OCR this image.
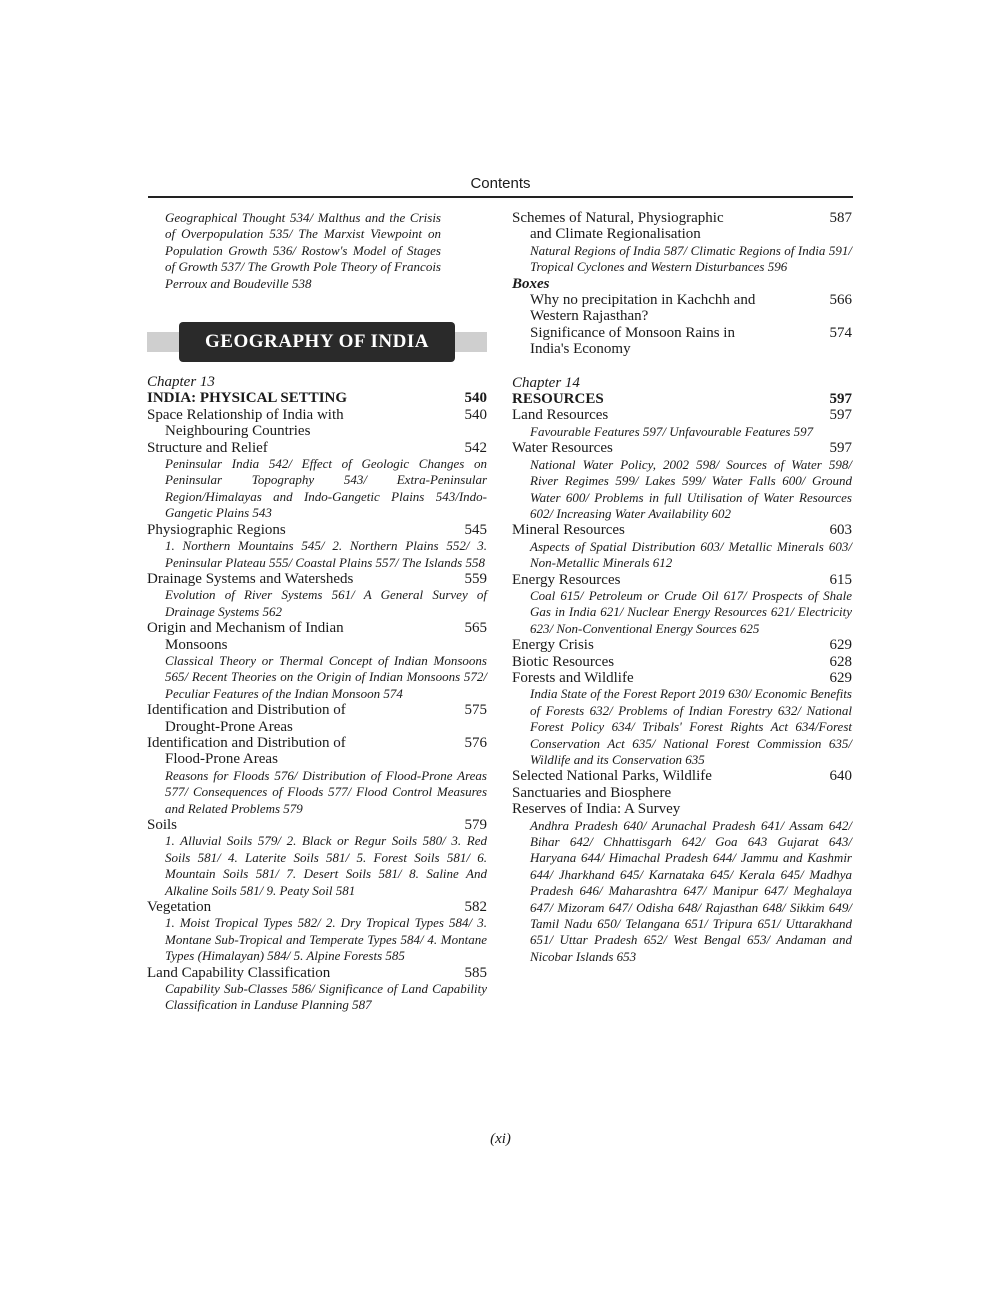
Contents
Geographical Thought 534/ Malthus and the Crisis of Overpopulation 535/ The Marxist Viewpoint on Population Growth 536/ Rostow's Model of Stages of Growth 537/ The Growth Pole Theory of Francois Perroux and Boudeville 538
GEOGRAPHY OF INDIA
Chapter 13
INDIA: PHYSICAL SETTING	540
Space Relationship of India with	540
Neighbouring Countries
Structure and Relief	542
Peninsular India 542/ Effect of Geologic Changes on Peninsular Topography 543/ Extra-Peninsular Region/Himalayas and Indo-Gangetic Plains 543/Indo-Gangetic Plains 543
Physiographic Regions	545
1. Northern Mountains 545/ 2. Northern Plains 552/ 3. Peninsular Plateau 555/ Coastal Plains 557/ The Islands 558
Drainage Systems and Watersheds	559
Evolution of River Systems 561/ A General Survey of Drainage Systems 562
Origin and Mechanism of Indian	565
Monsoons
Classical Theory or Thermal Concept of Indian Monsoons 565/ Recent Theories on the Origin of Indian Monsoons 572/ Peculiar Features of the Indian Monsoon 574
Identification and Distribution of	575
Drought-Prone Areas
Identification and Distribution of	576
Flood-Prone Areas
Reasons for Floods 576/ Distribution of Flood-Prone Areas 577/ Consequences of Floods 577/ Flood Control Measures and Related Problems 579
Soils	579
1. Alluvial Soils 579/ 2. Black or Regur Soils 580/ 3. Red Soils 581/ 4. Laterite Soils 581/ 5. Forest Soils 581/ 6. Mountain Soils 581/ 7. Desert Soils 581/ 8. Saline And Alkaline Soils 581/ 9. Peaty Soil 581
Vegetation	582
1. Moist Tropical Types 582/ 2. Dry Tropical Types 584/ 3. Montane Sub-Tropical and Temperate Types 584/ 4. Montane Types (Himalayan) 584/ 5. Alpine Forests 585
Land Capability Classification	585
Capability Sub-Classes 586/ Significance of Land Capability Classification in Landuse Planning 587
Schemes of Natural, Physiographic	587
and Climate Regionalisation
Natural Regions of India 587/ Climatic Regions of India 591/ Tropical Cyclones and Western Disturbances 596
Boxes
Why no precipitation in Kachchh and	566
Western Rajasthan?
Significance of Monsoon Rains in	574
India's Economy
Chapter 14
RESOURCES	597
Land Resources	597
Favourable Features 597/ Unfavourable Features 597
Water Resources	597
National Water Policy, 2002 598/ Sources of Water 598/ River Regimes 599/ Lakes 599/ Water Falls 600/ Ground Water 600/ Problems in full Utilisation of Water Resources 602/ Increasing Water Availability 602
Mineral Resources	603
Aspects of Spatial Distribution 603/ Metallic Minerals 603/ Non-Metallic Minerals 612
Energy Resources	615
Coal 615/ Petroleum or Crude Oil 617/ Prospects of Shale Gas in India 621/ Nuclear Energy Resources 621/ Electricity 623/ Non-Conventional Energy Sources 625
Energy Crisis	629
Biotic Resources	628
Forests and Wildlife	629
India State of the Forest Report 2019 630/ Economic Benefits of Forests 632/ Problems of Indian Forestry 632/ National Forest Policy 634/ Tribals' Forest Rights Act 634/Forest Conservation Act 635/ National Forest Commission 635/ Wildlife and its Conservation 635
Selected National Parks, Wildlife	640
Sanctuaries and Biosphere
Reserves of India: A Survey
Andhra Pradesh 640/ Arunachal Pradesh 641/ Assam 642/ Bihar 642/ Chhattisgarh 642/ Goa 643 Gujarat 643/ Haryana 644/ Himachal Pradesh 644/ Jammu and Kashmir 644/ Jharkhand 645/ Karnataka 645/ Kerala 645/ Madhya Pradesh 646/ Maharashtra 647/ Manipur 647/ Meghalaya 647/ Mizoram 647/ Odisha 648/ Rajasthan 648/ Sikkim 649/ Tamil Nadu 650/ Telangana 651/ Tripura 651/ Uttarakhand 651/ Uttar Pradesh 652/ West Bengal 653/ Andaman and Nicobar Islands 653
(xi)
